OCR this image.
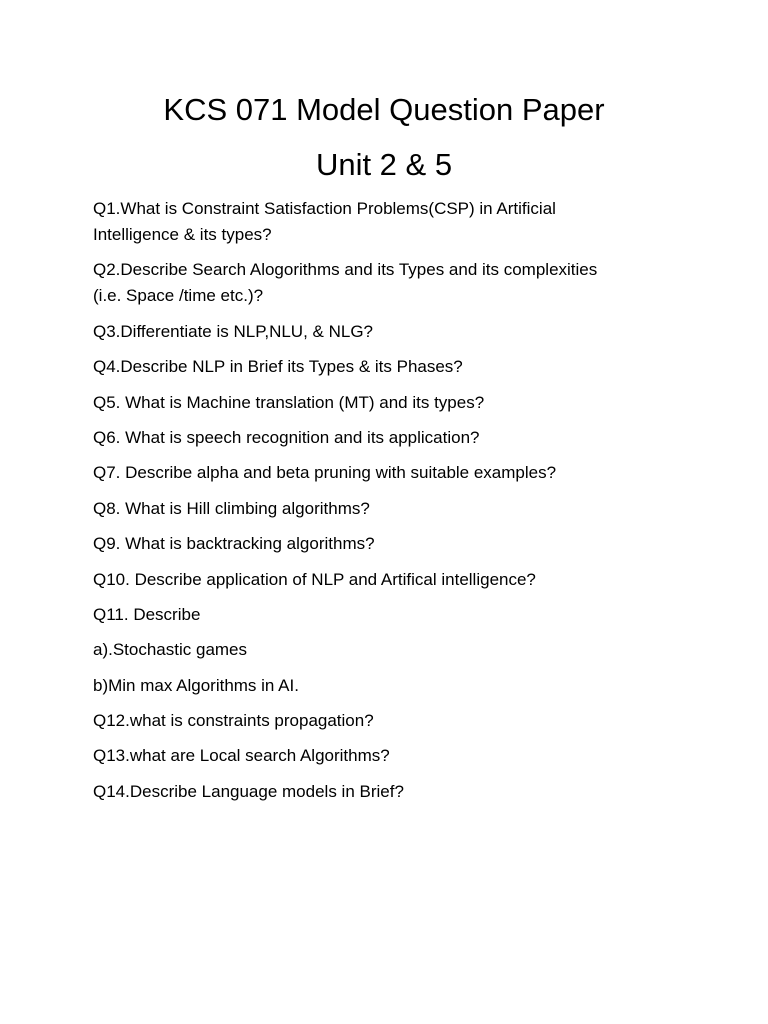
KCS 071 Model Question Paper
Unit 2 & 5

Q1.What is Constraint Satisfaction Problems(CSP) in Artificial
Intelligence & its types?

Q2.Describe Search Alogorithms and its Types and its complexities
(i.e. Space /time etc.)?

Q3.Differentiate is NLP,NLU, & NLG?

Q4.Describe NLP in Brief its Types & its Phases?

Q5. What is Machine translation (MT) and its types?

Q6. What is speech recognition and its application?

Q7. Describe alpha and beta pruning with suitable examples?

Q8. What is Hill climbing algorithms?

Q9. What is backtracking algorithms?

Q10. Describe application of NLP and Artifical intelligence?

Q11. Describe

a).Stochastic games

b)Min max Algorithms in AI.

Q12.what is constraints propagation?

Q13.what are Local search Algorithms?

Q14.Describe Language models in Brief?
